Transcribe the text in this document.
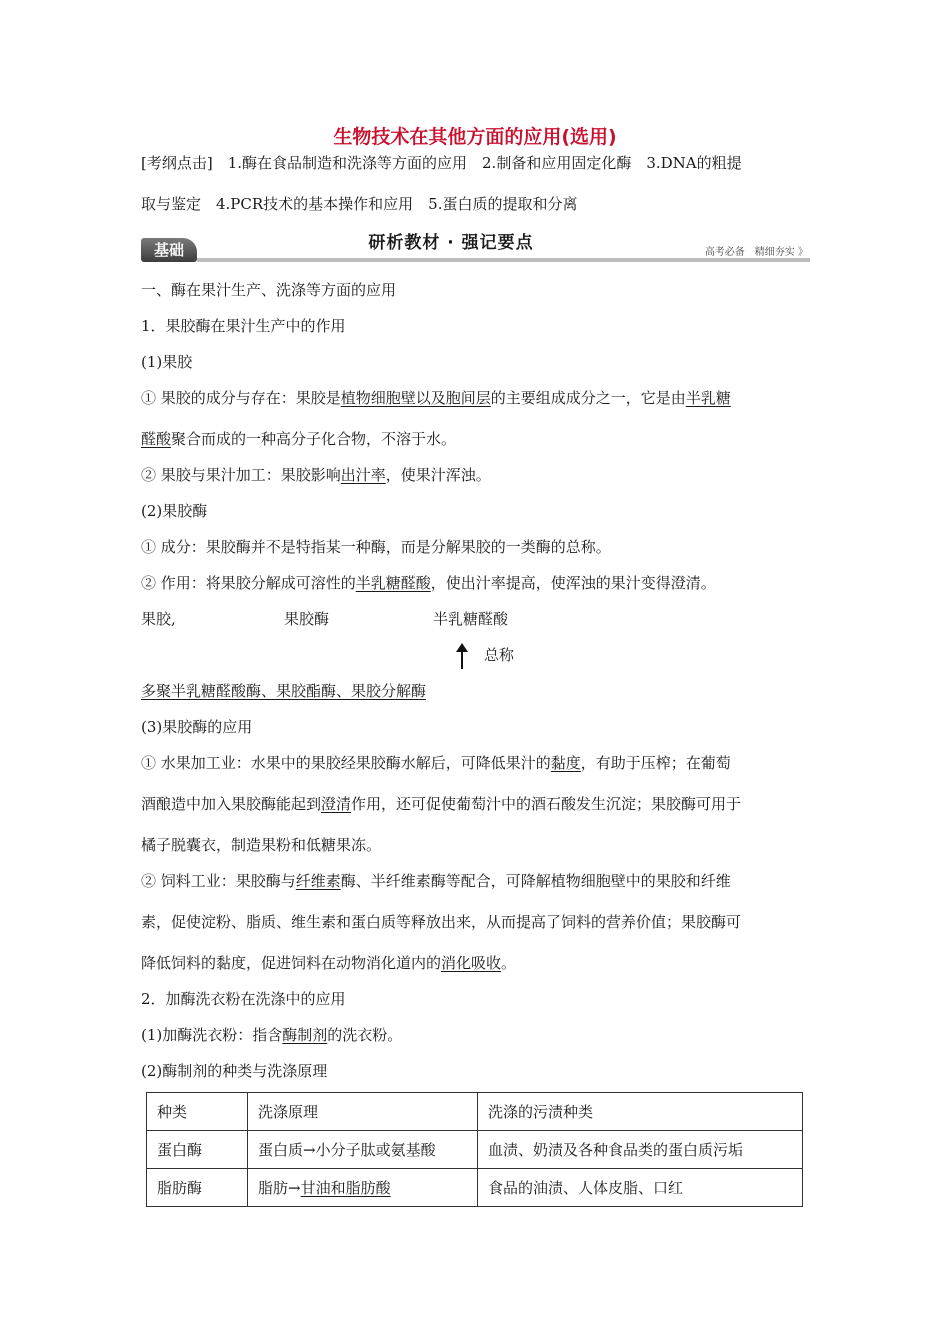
生物技术在其他方面的应用(选用)
[考纲点击]　1.酶在食品制造和洗涤等方面的应用　2.制备和应用固定化酶　3.DNA的粗提
取与鉴定　4.PCR技术的基本操作和应用　5.蛋白质的提取和分离
基础	研析教材 · 强记要点	高考必备　精细夯实 》
一、酶在果汁生产、洗涤等方面的应用
1．果胶酶在果汁生产中的作用
(1)果胶
① 果胶的成分与存在：果胶是植物细胞壁以及胞间层的主要组成成分之一，它是由半乳糖
醛酸聚合而成的一种高分子化合物，不溶于水。
② 果胶与果汁加工：果胶影响出汁率，使果汁浑浊。
(2)果胶酶
① 成分：果胶酶并不是特指某一种酶，而是分解果胶的一类酶的总称。
② 作用：将果胶分解成可溶性的半乳糖醛酸，使出汁率提高，使浑浊的果汁变得澄清。
果胶,	果胶酶	半乳糖醛酸
总称
多聚半乳糖醛酸酶、果胶酯酶、果胶分解酶
(3)果胶酶的应用
① 水果加工业：水果中的果胶经果胶酶水解后，可降低果汁的黏度，有助于压榨；在葡萄
酒酿造中加入果胶酶能起到澄清作用，还可促使葡萄汁中的酒石酸发生沉淀；果胶酶可用于
橘子脱囊衣，制造果粉和低糖果冻。
② 饲料工业：果胶酶与纤维素酶、半纤维素酶等配合，可降解植物细胞壁中的果胶和纤维
素，促使淀粉、脂质、维生素和蛋白质等释放出来，从而提高了饲料的营养价值；果胶酶可
降低饲料的黏度，促进饲料在动物消化道内的消化吸收。
2．加酶洗衣粉在洗涤中的应用
(1)加酶洗衣粉：指含酶制剂的洗衣粉。
(2)酶制剂的种类与洗涤原理
种类	洗涤原理	洗涤的污渍种类
蛋白酶	蛋白质→小分子肽或氨基酸	血渍、奶渍及各种食品类的蛋白质污垢
脂肪酶	脂肪→甘油和脂肪酸	食品的油渍、人体皮脂、口红
